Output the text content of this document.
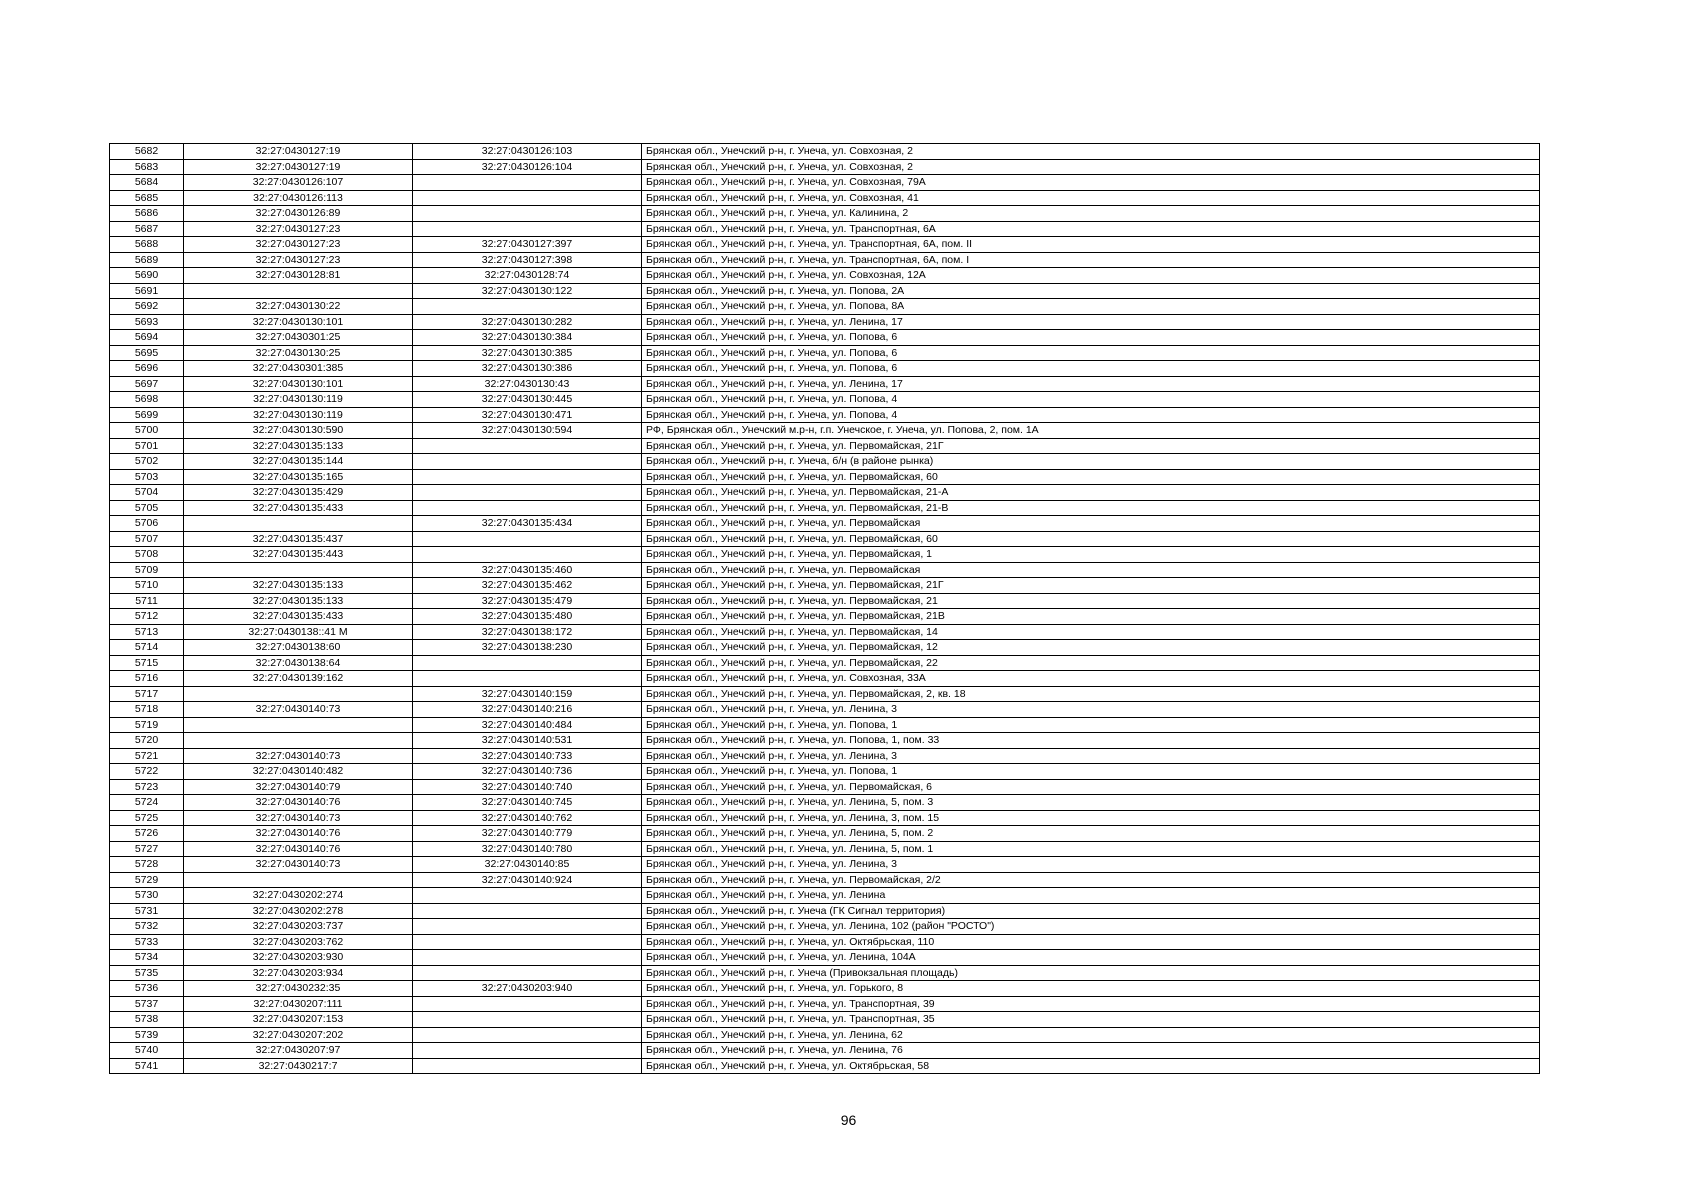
5682	32:27:0430127:19	32:27:0430126:103	Брянская обл., Унечский р-н, г. Унеча, ул. Совхозная, 2
5683	32:27:0430127:19	32:27:0430126:104	Брянская обл., Унечский р-н, г. Унеча, ул. Совхозная, 2
5684	32:27:0430126:107		Брянская обл., Унечский р-н, г. Унеча, ул. Совхозная, 79А
5685	32:27:0430126:113		Брянская обл., Унечский р-н, г. Унеча, ул. Совхозная, 41
5686	32:27:0430126:89		Брянская обл., Унечский р-н, г. Унеча, ул. Калинина, 2
5687	32:27:0430127:23		Брянская обл., Унечский р-н, г. Унеча, ул. Транспортная, 6А
5688	32:27:0430127:23	32:27:0430127:397	Брянская обл., Унечский р-н, г. Унеча, ул. Транспортная, 6А, пом. II
5689	32:27:0430127:23	32:27:0430127:398	Брянская обл., Унечский р-н, г. Унеча, ул. Транспортная, 6А, пом. I
5690	32:27:0430128:81	32:27:0430128:74	Брянская обл., Унечский р-н, г. Унеча, ул. Совхозная, 12А
5691		32:27:0430130:122	Брянская обл., Унечский р-н, г. Унеча, ул. Попова, 2А
5692	32:27:0430130:22		Брянская обл., Унечский р-н, г. Унеча, ул. Попова, 8А
5693	32:27:0430130:101	32:27:0430130:282	Брянская обл., Унечский р-н, г. Унеча, ул. Ленина, 17
5694	32:27:0430301:25	32:27:0430130:384	Брянская обл., Унечский р-н, г. Унеча, ул. Попова, 6
5695	32:27:0430130:25	32:27:0430130:385	Брянская обл., Унечский р-н, г. Унеча, ул. Попова, 6
5696	32:27:0430301:385	32:27:0430130:386	Брянская обл., Унечский р-н, г. Унеча, ул. Попова, 6
5697	32:27:0430130:101	32:27:0430130:43	Брянская обл., Унечский р-н, г. Унеча, ул. Ленина, 17
5698	32:27:0430130:119	32:27:0430130:445	Брянская обл., Унечский р-н, г. Унеча, ул. Попова, 4
5699	32:27:0430130:119	32:27:0430130:471	Брянская обл., Унечский р-н, г. Унеча, ул. Попова, 4
5700	32:27:0430130:590	32:27:0430130:594	РФ, Брянская обл., Унечский м.р-н, г.п. Унечское, г. Унеча, ул. Попова, 2, пом. 1А
5701	32:27:0430135:133		Брянская обл., Унечский р-н, г. Унеча, ул. Первомайская, 21Г
5702	32:27:0430135:144		Брянская обл., Унечский р-н, г. Унеча, б/н (в районе рынка)
5703	32:27:0430135:165		Брянская обл., Унечский р-н, г. Унеча, ул. Первомайская, 60
5704	32:27:0430135:429		Брянская обл., Унечский р-н, г. Унеча, ул. Первомайская, 21-А
5705	32:27:0430135:433		Брянская обл., Унечский р-н, г. Унеча, ул. Первомайская, 21-В
5706		32:27:0430135:434	Брянская обл., Унечский р-н, г. Унеча, ул. Первомайская
5707	32:27:0430135:437		Брянская обл., Унечский р-н, г. Унеча, ул. Первомайская, 60
5708	32:27:0430135:443		Брянская обл., Унечский р-н, г. Унеча, ул. Первомайская, 1
5709		32:27:0430135:460	Брянская обл., Унечский р-н, г. Унеча, ул. Первомайская
5710	32:27:0430135:133	32:27:0430135:462	Брянская обл., Унечский р-н, г. Унеча, ул. Первомайская, 21Г
5711	32:27:0430135:133	32:27:0430135:479	Брянская обл., Унечский р-н, г. Унеча, ул. Первомайская, 21
5712	32:27:0430135:433	32:27:0430135:480	Брянская обл., Унечский р-н, г. Унеча, ул. Первомайская, 21В
5713	32:27:0430138::41 М	32:27:0430138:172	Брянская обл., Унечский р-н, г. Унеча, ул. Первомайская, 14
5714	32:27:0430138:60	32:27:0430138:230	Брянская обл., Унечский р-н, г. Унеча, ул. Первомайская, 12
5715	32:27:0430138:64		Брянская обл., Унечский р-н, г. Унеча, ул. Первомайская, 22
5716	32:27:0430139:162		Брянская обл., Унечский р-н, г. Унеча, ул. Совхозная, 33А
5717		32:27:0430140:159	Брянская обл., Унечский р-н, г. Унеча, ул. Первомайская, 2, кв. 18
5718	32:27:0430140:73	32:27:0430140:216	Брянская обл., Унечский р-н, г. Унеча, ул. Ленина, 3
5719		32:27:0430140:484	Брянская обл., Унечский р-н, г. Унеча, ул. Попова, 1
5720		32:27:0430140:531	Брянская обл., Унечский р-н, г. Унеча, ул. Попова, 1, пом. 33
5721	32:27:0430140:73	32:27:0430140:733	Брянская обл., Унечский р-н, г. Унеча, ул. Ленина, 3
5722	32:27:0430140:482	32:27:0430140:736	Брянская обл., Унечский р-н, г. Унеча, ул. Попова, 1
5723	32:27:0430140:79	32:27:0430140:740	Брянская обл., Унечский р-н, г. Унеча, ул. Первомайская, 6
5724	32:27:0430140:76	32:27:0430140:745	Брянская обл., Унечский р-н, г. Унеча, ул. Ленина, 5, пом. 3
5725	32:27:0430140:73	32:27:0430140:762	Брянская обл., Унечский р-н, г. Унеча, ул. Ленина, 3, пом. 15
5726	32:27:0430140:76	32:27:0430140:779	Брянская обл., Унечский р-н, г. Унеча, ул. Ленина, 5, пом. 2
5727	32:27:0430140:76	32:27:0430140:780	Брянская обл., Унечский р-н, г. Унеча, ул. Ленина, 5, пом. 1
5728	32:27:0430140:73	32:27:0430140:85	Брянская обл., Унечский р-н, г. Унеча, ул. Ленина, 3
5729		32:27:0430140:924	Брянская обл., Унечский р-н, г. Унеча, ул. Первомайская, 2/2
5730	32:27:0430202:274		Брянская обл., Унечский р-н, г. Унеча, ул. Ленина
5731	32:27:0430202:278		Брянская обл., Унечский р-н, г. Унеча (ГК Сигнал территория)
5732	32:27:0430203:737		Брянская обл., Унечский р-н, г. Унеча, ул. Ленина, 102 (район "РОСТО")
5733	32:27:0430203:762		Брянская обл., Унечский р-н, г. Унеча, ул. Октябрьская, 110
5734	32:27:0430203:930		Брянская обл., Унечский р-н, г. Унеча, ул. Ленина, 104А
5735	32:27:0430203:934		Брянская обл., Унечский р-н, г. Унеча (Привокзальная площадь)
5736	32:27:0430232:35	32:27:0430203:940	Брянская обл., Унечский р-н, г. Унеча, ул. Горького, 8
5737	32:27:0430207:111		Брянская обл., Унечский р-н, г. Унеча, ул. Транспортная, 39
5738	32:27:0430207:153		Брянская обл., Унечский р-н, г. Унеча, ул. Транспортная, 35
5739	32:27:0430207:202		Брянская обл., Унечский р-н, г. Унеча, ул. Ленина, 62
5740	32:27:0430207:97		Брянская обл., Унечский р-н, г. Унеча, ул. Ленина, 76
5741	32:27:0430217:7		Брянская обл., Унечский р-н, г. Унеча, ул. Октябрьская, 58
96
